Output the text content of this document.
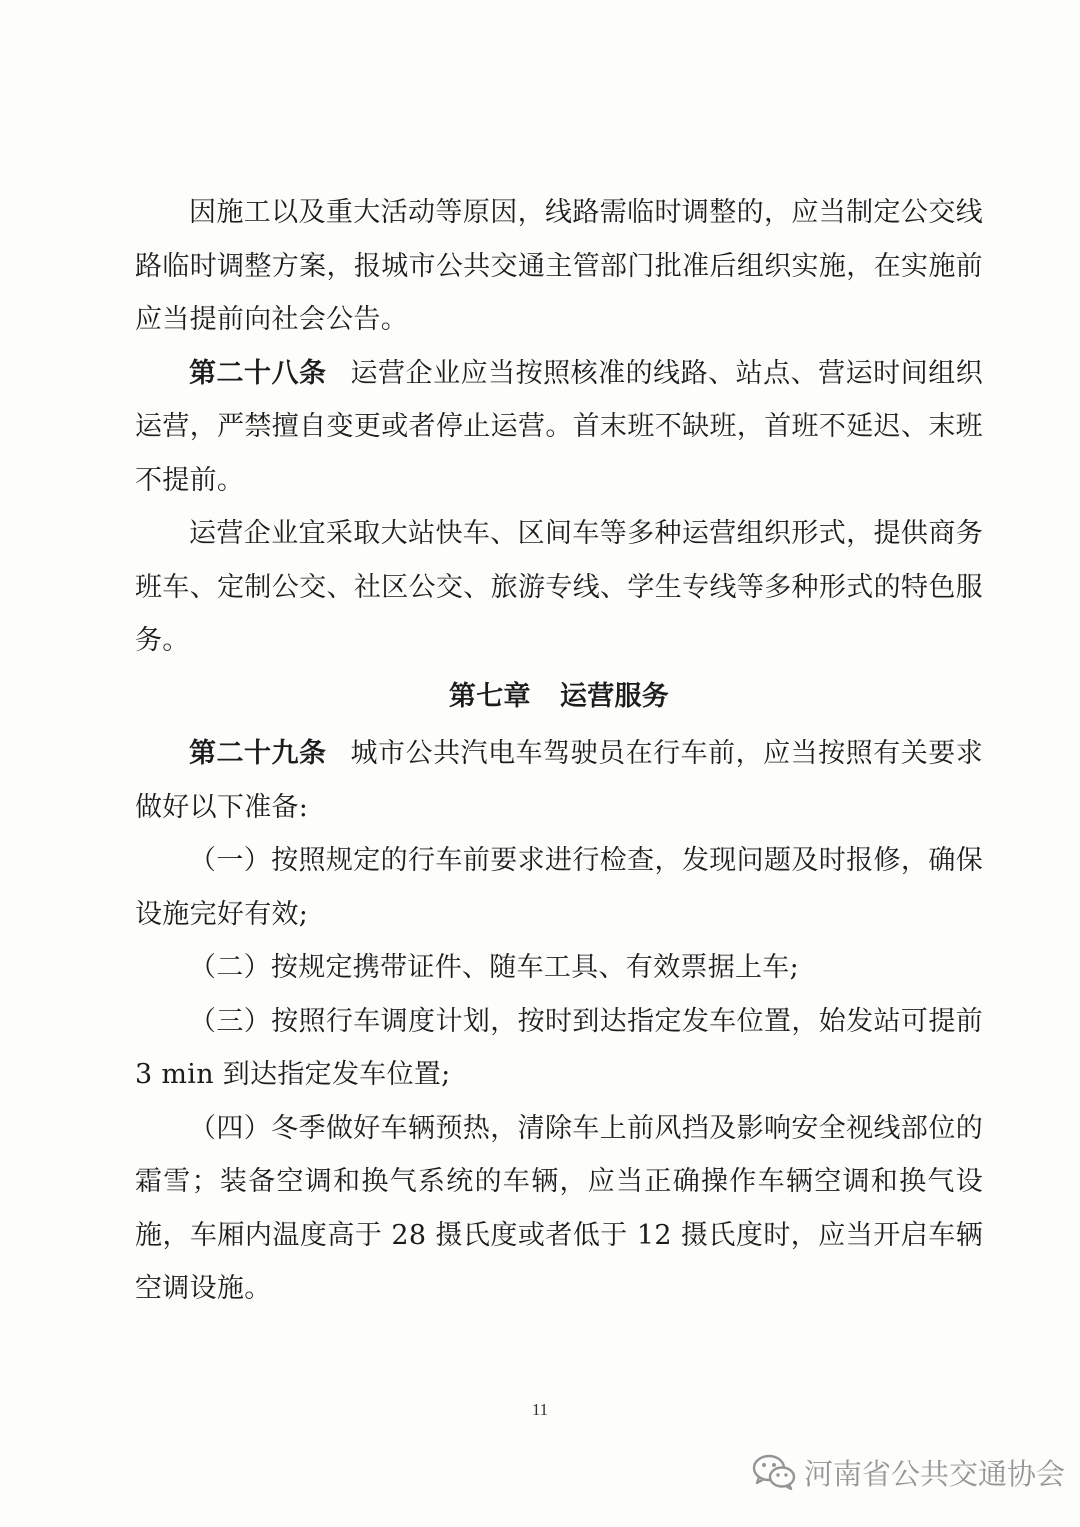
因施工以及重大活动等原因，线路需临时调整的，应当制定公交线路临时调整方案，报城市公共交通主管部门批准后组织实施，在实施前应当提前向社会公告。

第二十八条 运营企业应当按照核准的线路、站点、营运时间组织运营，严禁擅自变更或者停止运营。首末班不缺班，首班不延迟、末班不提前。

运营企业宜采取大站快车、区间车等多种运营组织形式，提供商务班车、定制公交、社区公交、旅游专线、学生专线等多种形式的特色服务。

第七章   运营服务

第二十九条 城市公共汽电车驾驶员在行车前，应当按照有关要求做好以下准备:

（一）按照规定的行车前要求进行检查，发现问题及时报修，确保设施完好有效;

（二）按规定携带证件、随车工具、有效票据上车;

（三）按照行车调度计划，按时到达指定发车位置，始发站可提前 3 min 到达指定发车位置;

（四）冬季做好车辆预热，清除车上前风挡及影响安全视线部位的霜雪；装备空调和换气系统的车辆，应当正确操作车辆空调和换气设施，车厢内温度高于 28 摄氏度或者低于 12 摄氏度时，应当开启车辆空调设施。

11
河南省公共交通协会
